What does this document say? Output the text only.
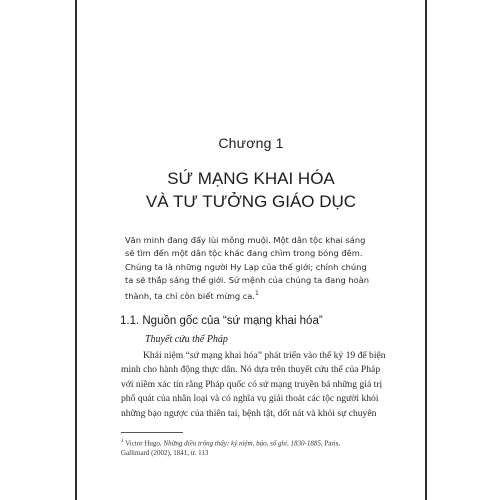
Chương 1
SỨ MẠNG KHAI HÓA
VÀ TƯ TƯỞNG GIÁO DỤC

Văn minh đang đẩy lùi mông muội. Một dân tộc khai sáng

sẽ tìm đến một dân tộc khác đang chìm trong bóng đêm.

Chúng ta là những người Hy Lạp của thế giới; chính chúng

ta sẽ thắp sáng thế giới. Sứ mệnh của chúng ta đang hoàn

thành, ta chỉ còn biết mừng ca.$^1$

1.1. Nguồn gốc của “sứ mạng khai hóa”
Thuyết cứu thế Pháp

Khái niệm “sứ mạng khai hóa” phát triển vào thế kỷ 19 để biện

minh cho hành động thực dân. Nó dựa trên thuyết cứu thế của Pháp

với niềm xác tín rằng Pháp quốc có sứ mạng truyền bá những giá trị

phổ quát của nhân loại và có nghĩa vụ giải thoát các tộc người khỏi

những bạo ngược của thiên tai, bệnh tật, dốt nát và khỏi sự chuyên

$^1$ Victor Hugo, Những điều trông thấy: ký niệm, báo, số ghi, 1830-1885, Paris,

Gallimard (2002), 1841, tr. 113
